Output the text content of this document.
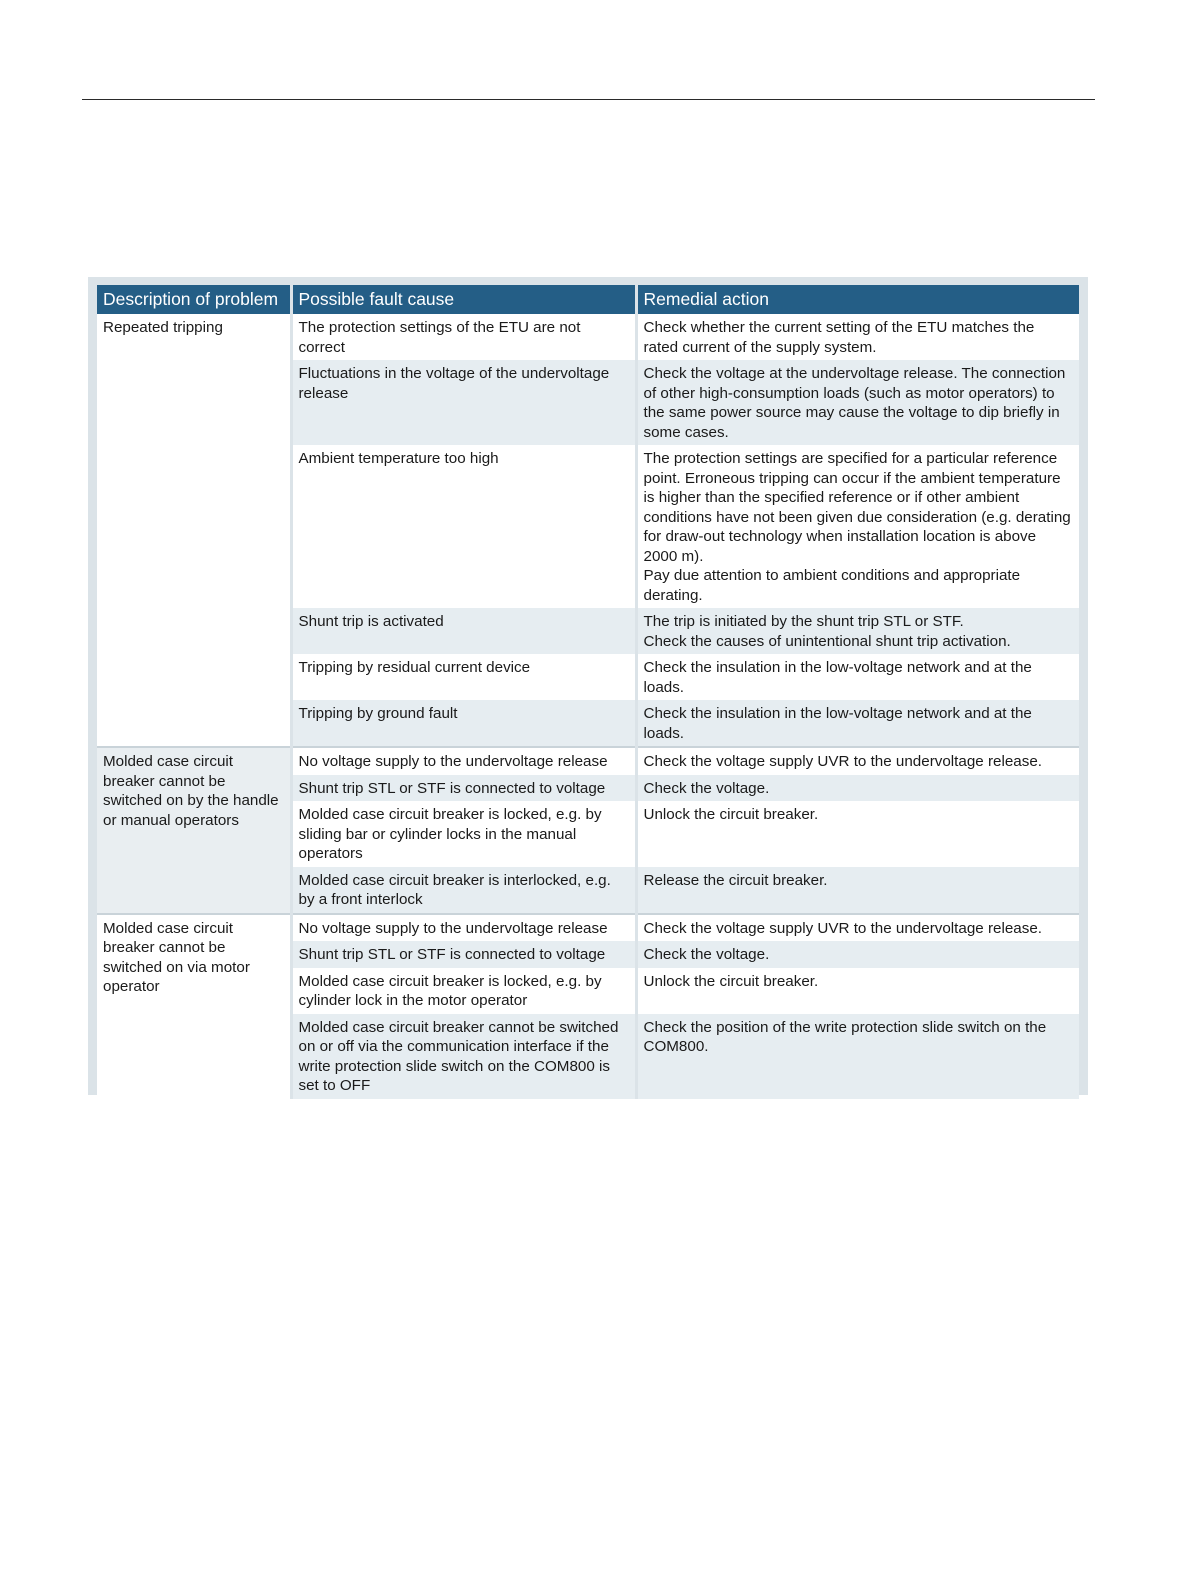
Description of problem	Possible fault cause	Remedial action
Repeated tripping	The protection settings of the ETU are not correct	Check whether the current setting of the ETU matches the rated current of the supply system.
	Fluctuations in the voltage of the undervoltage release	Check the voltage at the undervoltage release. The connection of other high-consumption loads (such as motor operators) to the same power source may cause the voltage to dip briefly in some cases.
	Ambient temperature too high	The protection settings are specified for a particular reference point. Erroneous tripping can occur if the ambient temperature is higher than the specified reference or if other ambient conditions have not been given due consideration (e.g. derating for draw-out technology when installation location is above 2000 m).
Pay due attention to ambient conditions and appropriate derating.
	Shunt trip is activated	The trip is initiated by the shunt trip STL or STF.
Check the causes of unintentional shunt trip activation.
	Tripping by residual current device	Check the insulation in the low-voltage network and at the loads.
	Tripping by ground fault	Check the insulation in the low-voltage network and at the loads.
Molded case circuit breaker cannot be switched on by the handle or manual operators	No voltage supply to the undervoltage release	Check the voltage supply UVR to the undervoltage release.
	Shunt trip STL or STF is connected to voltage	Check the voltage.
	Molded case circuit breaker is locked, e.g. by sliding bar or cylinder locks in the manual operators	Unlock the circuit breaker.
	Molded case circuit breaker is interlocked, e.g. by a front interlock	Release the circuit breaker.
Molded case circuit breaker cannot be switched on via motor operator	No voltage supply to the undervoltage release	Check the voltage supply UVR to the undervoltage release.
	Shunt trip STL or STF is connected to voltage	Check the voltage.
	Molded case circuit breaker is locked, e.g. by cylinder lock in the motor operator	Unlock the circuit breaker.
	Molded case circuit breaker cannot be switched on or off via the communication interface if the write protection slide switch on the COM800 is set to OFF	Check the position of the write protection slide switch on the COM800.
